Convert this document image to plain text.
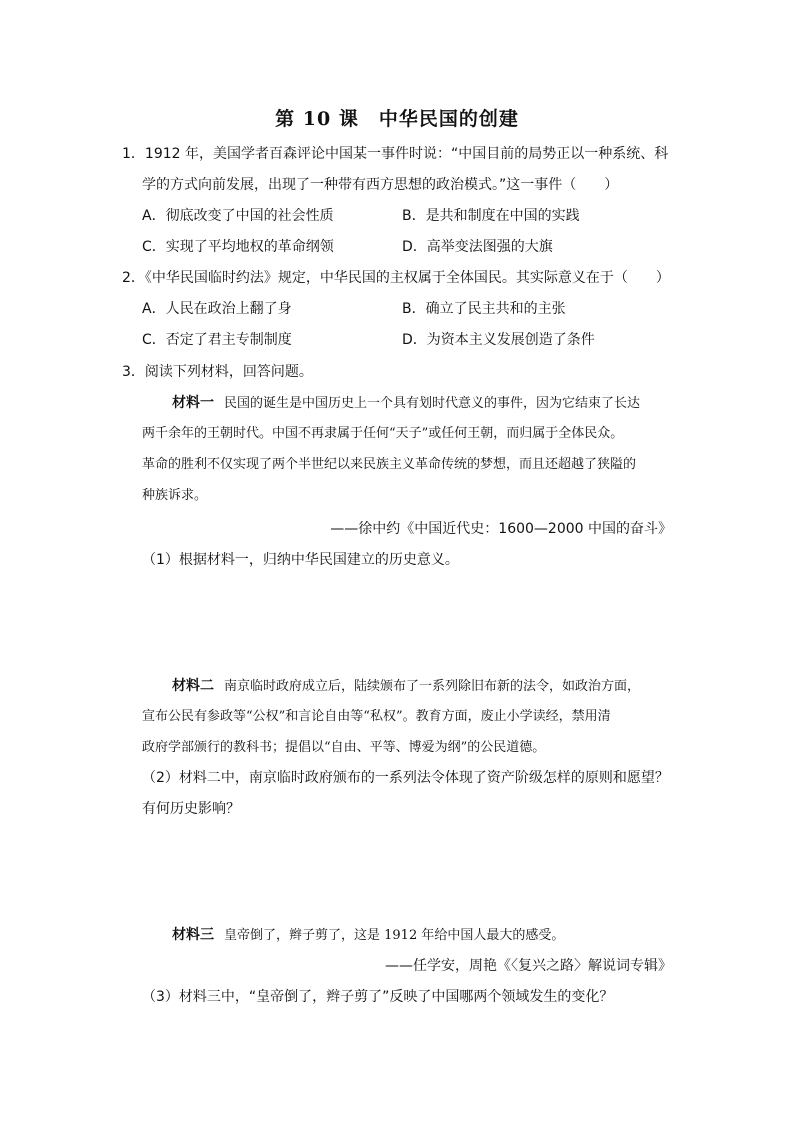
第 10 课　中华民国的创建
1．1912 年，美国学者百森评论中国某一事件时说：“中国目前的局势正以一种系统、科
学的方式向前发展，出现了一种带有西方思想的政治模式。”这一事件（　　）
A．彻底改变了中国的社会性质	B．是共和制度在中国的实践
C．实现了平均地权的革命纲领	D．高举变法图强的大旗
2．《中华民国临时约法》规定，中华民国的主权属于全体国民。其实际意义在于（　　）
A．人民在政治上翻了身	B．确立了民主共和的主张
C．否定了君主专制制度	D．为资本主义发展创造了条件
3．阅读下列材料，回答问题。
材料一 民国的诞生是中国历史上一个具有划时代意义的事件，因为它结束了长达
两千余年的王朝时代。中国不再隶属于任何“天子”或任何王朝，而归属于全体民众。
革命的胜利不仅实现了两个半世纪以来民族主义革命传统的梦想，而且还超越了狭隘的
种族诉求。
——徐中约《中国近代史：1600—2000 中国的奋斗》
（1）根据材料一，归纳中华民国建立的历史意义。
材料二 南京临时政府成立后，陆续颁布了一系列除旧布新的法令，如政治方面，
宣布公民有参政等“公权”和言论自由等“私权”。教育方面，废止小学读经，禁用清
政府学部颁行的教科书；提倡以“自由、平等、博爱为纲”的公民道德。
（2）材料二中，南京临时政府颁布的一系列法令体现了资产阶级怎样的原则和愿望？
有何历史影响？
材料三 皇帝倒了，辫子剪了，这是 1912 年给中国人最大的感受。
——任学安，周艳《〈复兴之路〉解说词专辑》
（3）材料三中，“皇帝倒了，辫子剪了”反映了中国哪两个领域发生的变化？
